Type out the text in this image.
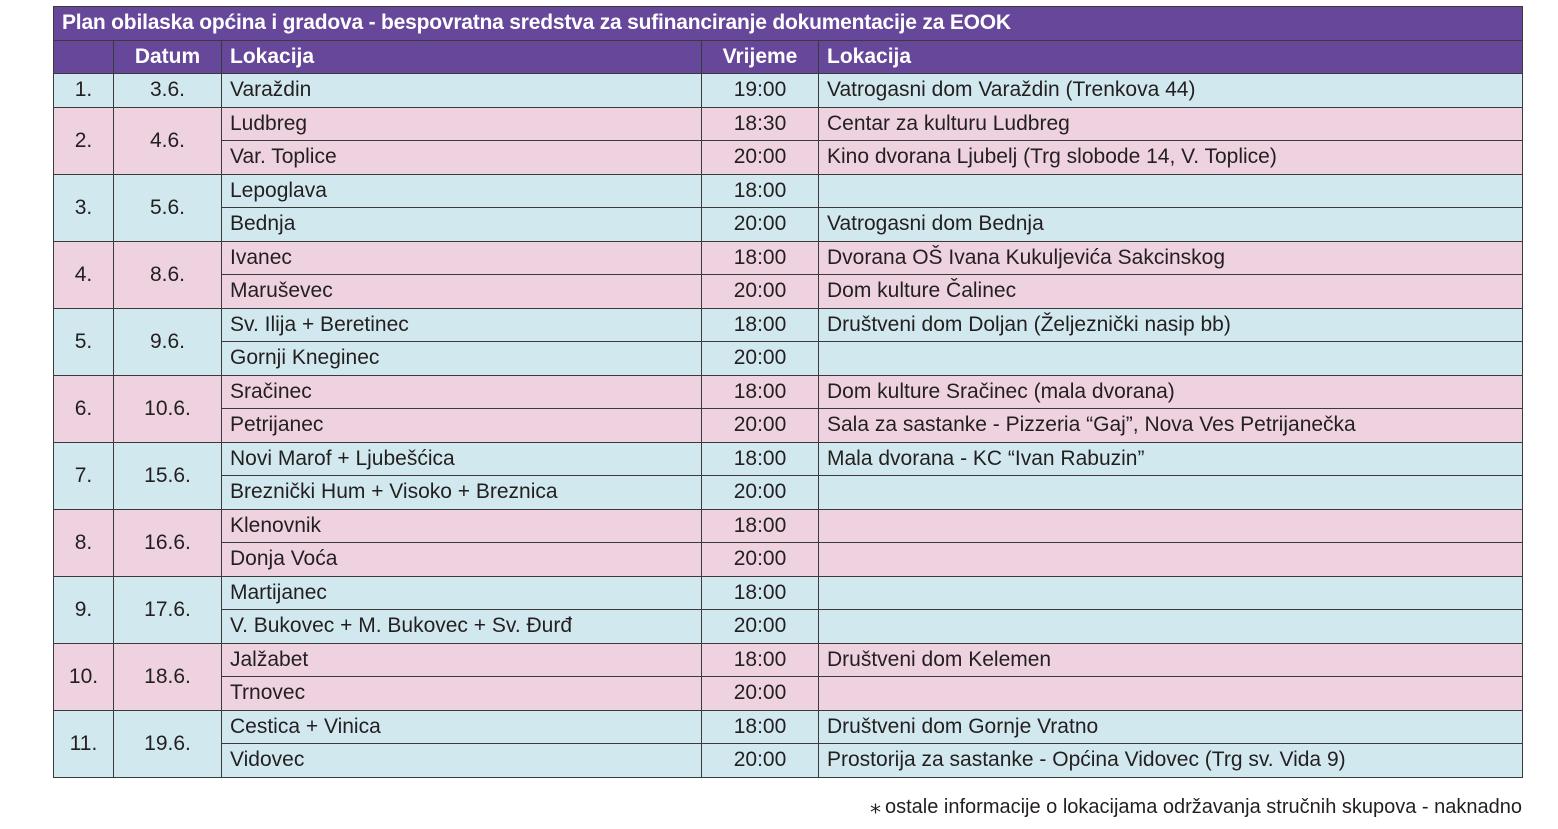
Plan obilaska općina i gradova - bespovratna sredstva za sufinanciranje dokumentacije za EOOK				
	Datum	Lokacija	Vrijeme	Lokacija
1.	3.6.	Varaždin	19:00	Vatrogasni dom Varaždin (Trenkova 44)
2.	4.6.	Ludbreg	18:30	Centar za kulturu Ludbreg
		Var. Toplice	20:00	Kino dvorana Ljubelj (Trg slobode 14, V. Toplice)
3.	5.6.	Lepoglava	18:00	
		Bednja	20:00	Vatrogasni dom Bednja
4.	8.6.	Ivanec	18:00	Dvorana OŠ Ivana Kukuljevića Sakcinskog
		Maruševec	20:00	Dom kulture Čalinec
5.	9.6.	Sv. Ilija + Beretinec	18:00	Društveni dom Doljan (Željeznički nasip bb)
		Gornji Kneginec	20:00	
6.	10.6.	Sračinec	18:00	Dom kulture Sračinec (mala dvorana)
		Petrijanec	20:00	Sala za sastanke - Pizzeria “Gaj”, Nova Ves Petrijanečka
7.	15.6.	Novi Marof + Ljubešćica	18:00	Mala dvorana - KC “Ivan Rabuzin”
		Breznički Hum + Visoko + Breznica	20:00	
8.	16.6.	Klenovnik	18:00	
		Donja Voća	20:00	
9.	17.6.	Martijanec	18:00	
		V. Bukovec + M. Bukovec + Sv. Đurđ	20:00	
10.	18.6.	Jalžabet	18:00	Društveni dom Kelemen
		Trnovec	20:00	
11.	19.6.	Cestica + Vinica	18:00	Društveni dom Gornje Vratno
		Vidovec	20:00	Prostorija za sastanke - Općina Vidovec (Trg sv. Vida 9)
⁎ ostale informacije o lokacijama održavanja stručnih skupova - naknadno
